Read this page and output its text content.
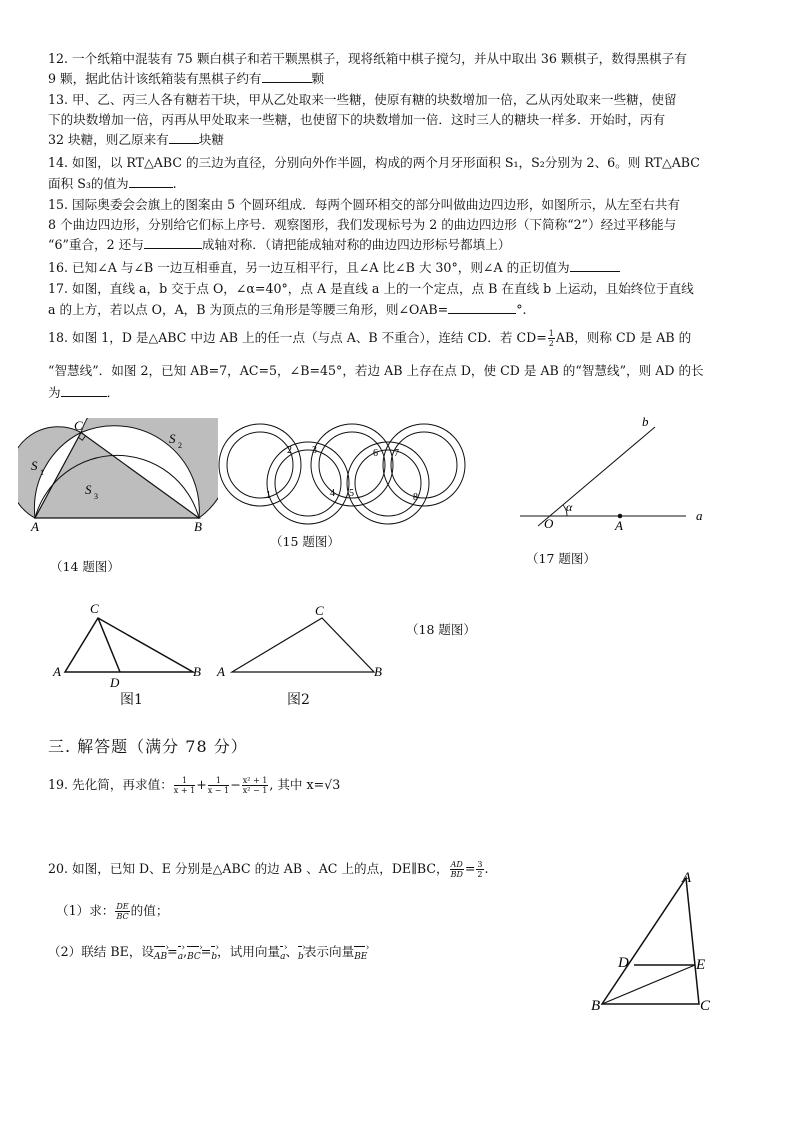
12. 一个纸箱中混装有 75 颗白棋子和若干颗黑棋子，现将纸箱中棋子搅匀，并从中取出 36 颗棋子，数得黑棋子有
9 颗，据此估计该纸箱装有黑棋子约有	颗
13. 甲、乙、丙三人各有糖若干块，甲从乙处取来一些糖，使原有糖的块数增加一倍，乙从丙处取来一些糖，使留
下的块数增加一倍，丙再从甲处取来一些糖，也使留下的块数增加一倍．这时三人的糖块一样多．开始时，丙有
32 块糖，则乙原来有 块糖
14. 如图，以 RT△ABC 的三边为直径，分别向外作半圆，构成的两个月牙形面积 S₁，S₂分别为 2、6。则 RT△ABC
面积 S₃的值为	.
15. 国际奥委会会旗上的图案由 5 个圆环组成．每两个圆环相交的部分叫做曲边四边形，如图所示，从左至右共有
8 个曲边四边形，分别给它们标上序号．观察图形，我们发现标号为 2 的曲边四边形（下简称“2”）经过平移能与
“6”重合，2 还与	成轴对称．（请把能成轴对称的曲边四边形标号都填上）
16. 已知∠A 与∠B 一边互相垂直，另一边互相平行，且∠A 比∠B 大 30°，则∠A 的正切值为
17. 如图，直线 a，b 交于点 O，∠α=40°，点 A 是直线 a 上的一个定点，点 B 在直线 b 上运动，且始终位于直线
a 的上方，若以点 O，A，B 为顶点的三角形是等腰三角形，则∠OAB=	°.
18. 如图 1，D 是△ABC 中边 AB 上的任一点（与点 A、B 不重合），连结 CD．若 $CD= \frac{1}{2}$ AB，则称 CD 是 AB 的
“智慧线”．如图 2，已知 AB=7，AC=5，∠B=45°，若边 AB 上存在点 D，使 CD 是 AB 的“智慧线”，则 AD 的长
为	．
C
A	B
S 1
S 2
S 3
（14 题图）
1
2 3
4 5
6 7
8
（15 题图）
b
a
α
O	A
（17 题图）
C
A	B
D
C
A	B
（18 题图）
图1	图2
三. 解答题（满分 78 分）
19. 先化简，再求值： $\frac{1}{x + 1} + \frac{1}{x - 1} - \frac{\text{x² + 1}}{\text{x² − 1}}$ , 其中 x=√3
20. 如图，已知 D、E 分别是△ABC 的边 AB 、AC 上的点，DE∥BC， $\frac{AD}{BD} = \frac{3}{2}$ .
（1）求： $\frac{DE}{BC}$ 的值；
（2）联结 BE，设AB ›=a ›,BC ›=b ›，试用向量a ›、b ›表示向量BE ›
A
D	E
B	C
